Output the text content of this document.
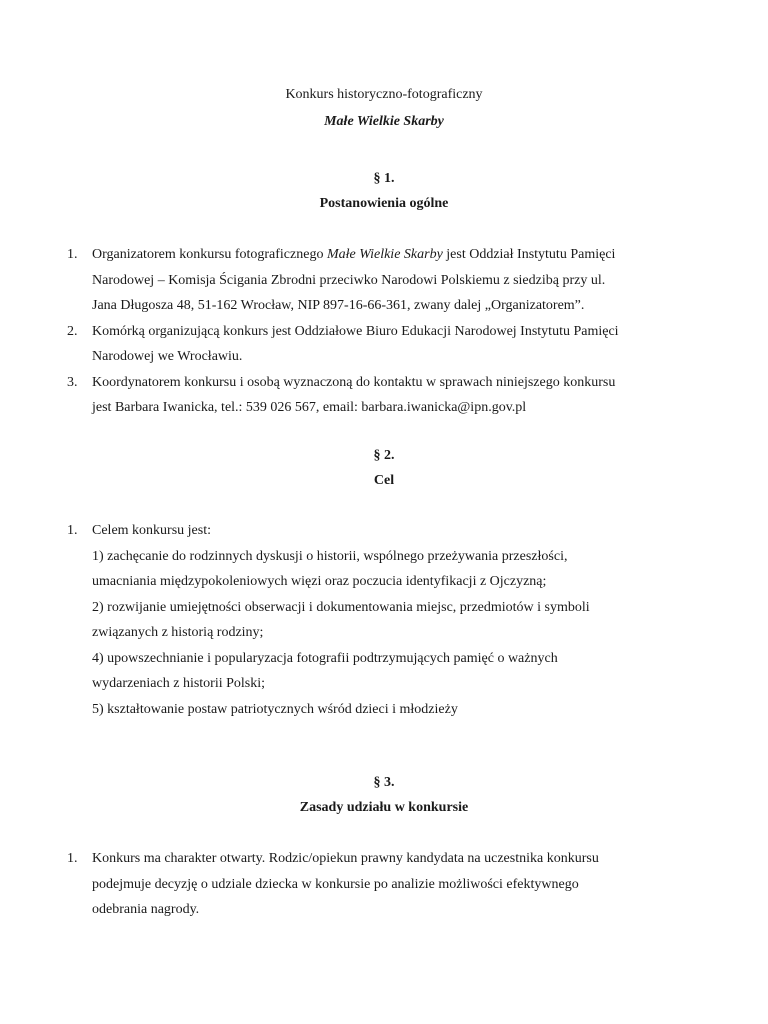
Konkurs historyczno-fotograficzny
Małe Wielkie Skarby
§ 1.
Postanowienia ogólne
1. Organizatorem konkursu fotograficznego Małe Wielkie Skarby jest Oddział Instytutu Pamięci
Narodowej – Komisja Ścigania Zbrodni przeciwko Narodowi Polskiemu z siedzibą przy ul.
Jana Długosza 48, 51-162 Wrocław, NIP 897-16-66-361, zwany dalej „Organizatorem”.
2. Komórką organizującą konkurs jest Oddziałowe Biuro Edukacji Narodowej Instytutu Pamięci
Narodowej we Wrocławiu.
3. Koordynatorem konkursu i osobą wyznaczoną do kontaktu w sprawach niniejszego konkursu
jest Barbara Iwanicka, tel.: 539 026 567, email: barbara.iwanicka@ipn.gov.pl
§ 2.
Cel
1. Celem konkursu jest:
1) zachęcanie do rodzinnych dyskusji o historii, wspólnego przeżywania przeszłości,
umacniania międzypokoleniowych więzi oraz poczucia identyfikacji z Ojczyzną;
2) rozwijanie umiejętności obserwacji i dokumentowania miejsc, przedmiotów i symboli
związanych z historią rodziny;
4) upowszechnianie i popularyzacja fotografii podtrzymujących pamięć o ważnych
wydarzeniach z historii Polski;
5) kształtowanie postaw patriotycznych wśród dzieci i młodzieży
§ 3.
Zasady udziału w konkursie
1. Konkurs ma charakter otwarty. Rodzic/opiekun prawny kandydata na uczestnika konkursu
podejmuje decyzję o udziale dziecka w konkursie po analizie możliwości efektywnego
odebrania nagrody.
